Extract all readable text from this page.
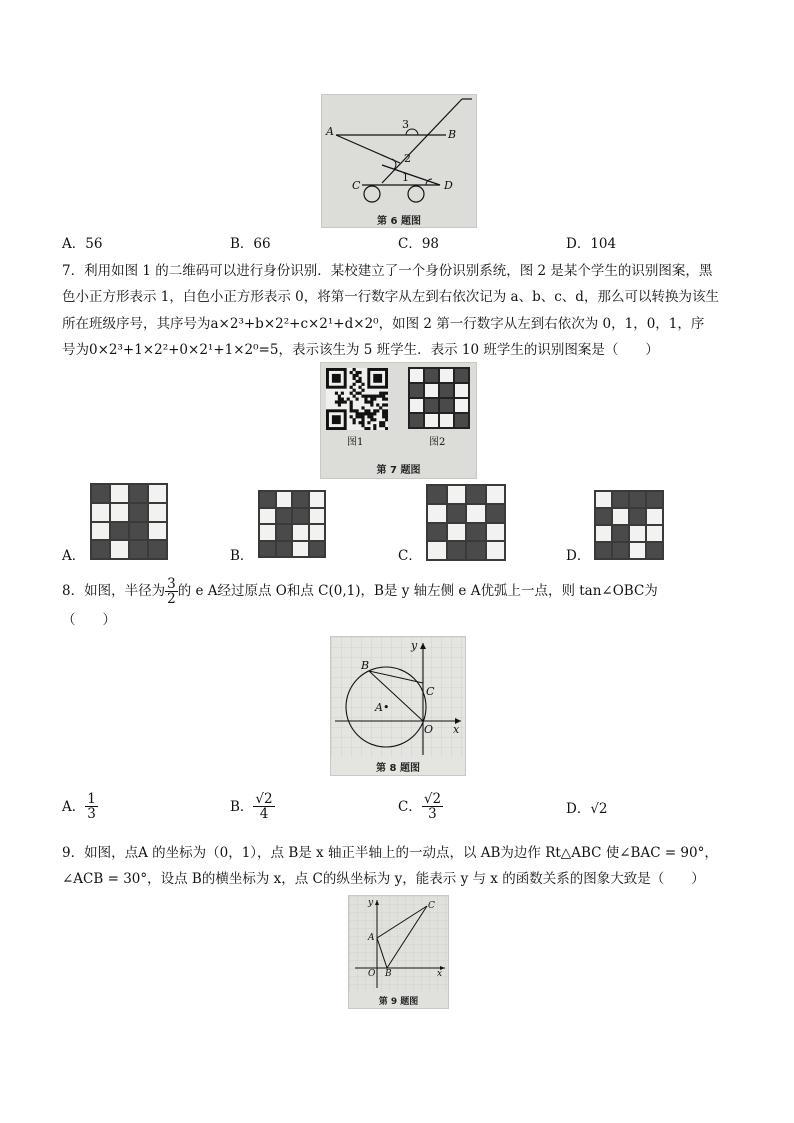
A	B
C	D
3
2
1
第 6 题图
A．56	B．66	C．98	D．104
7．利用如图 1 的二维码可以进行身份识别．某校建立了一个身份识别系统，图 2 是某个学生的识别图案，黑
色小正方形表示 1，白色小正方形表示 0，将第一行数字从左到右依次记为 a、b、c、d，那么可以转换为该生
所在班级序号，其序号为a×2³+b×2²+c×2¹+d×2⁰，如图 2 第一行数字从左到右依次为 0，1，0，1，序
号为0×2³+1×2²+0×2¹+1×2⁰=5，表示该生为 5 班学生．表示 10 班学生的识别图案是（　　）
图1	图2
第 7 题图
A．	B．	C．	D．
8．如图，半径为 $\frac{3}{2}$ 的 e A经过原点 O和点 C(0,1)，B是 y 轴左侧 e A优弧上一点，则 tan∠OBC为
（　　）
B
C
A•
O x
y
第 8 题图
A． $\frac{1}{3}$	B． $\frac{√2}{4}$	C． $\frac{√2}{3}$	D．√2
9．如图，点A 的坐标为（0，1），点 B是 x 轴正半轴上的一动点，以 AB为边作 Rt△ABC 使∠BAC = 90°，
∠ACB = 30°，设点 B的横坐标为 x，点 C的纵坐标为 y，能表示 y 与 x 的函数关系的图象大致是（　　）
A
B
C
O	x
y
第 9 题图
